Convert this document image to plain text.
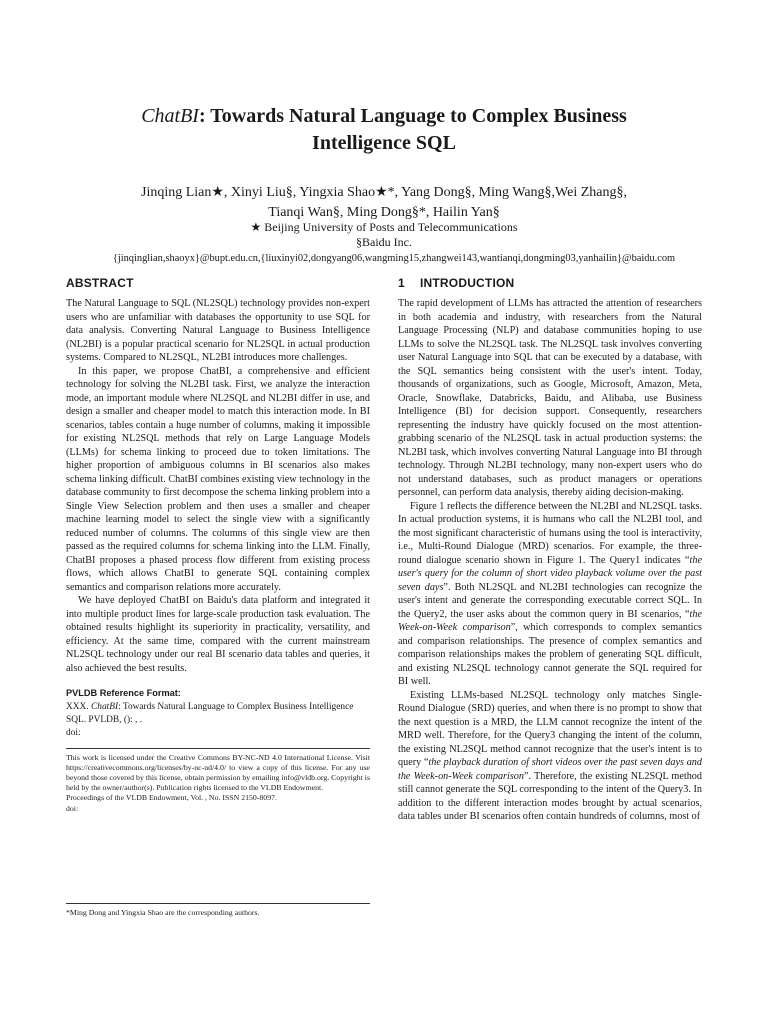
ChatBI: Towards Natural Language to Complex Business
Intelligence SQL
Jinqing Lian★, Xinyi Liu§, Yingxia Shao★*, Yang Dong§, Ming Wang§,Wei Zhang§,
Tianqi Wan§, Ming Dong§*, Hailin Yan§
★ Beijing University of Posts and Telecommunications
§Baidu Inc.
{jinqinglian,shaoyx}@bupt.edu.cn,{liuxinyi02,dongyang06,wangming15,zhangwei143,wantianqi,dongming03,yanhailin}@baidu.com
ABSTRACT

The Natural Language to SQL (NL2SQL) technology provides non-expert users who are unfamiliar with databases the opportunity to use SQL for data analysis. Converting Natural Language to Business Intelligence (NL2BI) is a popular practical scenario for NL2SQL in actual production systems. Compared to NL2SQL, NL2BI introduces more challenges.

In this paper, we propose ChatBI, a comprehensive and efficient technology for solving the NL2BI task. First, we analyze the interaction mode, an important module where NL2SQL and NL2BI differ in use, and design a smaller and cheaper model to match this interaction mode. In BI scenarios, tables contain a huge number of columns, making it impossible for existing NL2SQL methods that rely on Large Language Models (LLMs) for schema linking to proceed due to token limitations. The higher proportion of ambiguous columns in BI scenarios also makes schema linking difficult. ChatBI combines existing view technology in the database community to first decompose the schema linking problem into a Single View Selection problem and then uses a smaller and cheaper machine learning model to select the single view with a significantly reduced number of columns. The columns of this single view are then passed as the required columns for schema linking into the LLM. Finally, ChatBI proposes a phased process flow different from existing process flows, which allows ChatBI to generate SQL containing complex semantics and comparison relations more accurately.

We have deployed ChatBI on Baidu's data platform and integrated it into multiple product lines for large-scale production task evaluation. The obtained results highlight its superiority in practicality, versatility, and efficiency. At the same time, compared with the current mainstream NL2SQL technology under our real BI scenario data tables and queries, it also achieved the best results.

PVLDB Reference Format:
XXX. ChatBI: Towards Natural Language to Complex Business Intelligence SQL. PVLDB, (): , .
doi:
This work is licensed under the Creative Commons BY-NC-ND 4.0 International License. Visit https://creativecommons.org/licenses/by-nc-nd/4.0/ to view a copy of this license. For any use beyond those covered by this license, obtain permission by emailing info@vldb.org. Copyright is held by the owner/author(s). Publication rights licensed to the VLDB Endowment.
Proceedings of the VLDB Endowment, Vol. , No. ISSN 2150-8097.
doi:
*Ming Dong and Yingxia Shao are the corresponding authors.
1 INTRODUCTION

The rapid development of LLMs has attracted the attention of researchers in both academia and industry, with researchers from the Natural Language Processing (NLP) and database communities hoping to use LLMs to solve the NL2SQL task. The NL2SQL task involves converting user Natural Language into SQL that can be executed by a database, with the SQL semantics being consistent with the user's intent. Today, thousands of organizations, such as Google, Microsoft, Amazon, Meta, Oracle, Snowflake, Databricks, Baidu, and Alibaba, use Business Intelligence (BI) for decision support. Consequently, researchers representing the industry have quickly focused on the most attention-grabbing scenario of the NL2SQL task in actual production systems: the NL2BI task, which involves converting Natural Language into BI through technology. Through NL2BI technology, many non-expert users who do not understand databases, such as product managers or operations personnel, can perform data analysis, thereby aiding decision-making.

Figure 1 reflects the difference between the NL2BI and NL2SQL tasks. In actual production systems, it is humans who call the NL2BI tool, and the most significant characteristic of humans using the tool is interactivity, i.e., Multi-Round Dialogue (MRD) scenarios. For example, the three-round dialogue scenario shown in Figure 1. The Query1 indicates “the user's query for the column of short video playback volume over the past seven days”. Both NL2SQL and NL2BI technologies can recognize the user's intent and generate the corresponding executable correct SQL. In the Query2, the user asks about the common query in BI scenarios, “the Week-on-Week comparison”, which corresponds to complex semantics and comparison relationships. The presence of complex semantics and comparison relationships makes the problem of generating SQL difficult, and existing NL2SQL technology cannot generate the SQL required for BI well.

Existing LLMs-based NL2SQL technology only matches Single-Round Dialogue (SRD) queries, and when there is no prompt to show that the next question is a MRD, the LLM cannot recognize the intent of the MRD well. Therefore, for the Query3 changing the intent of the column, the existing NL2SQL method cannot recognize that the user's intent is to query “the playback duration of short videos over the past seven days and the Week-on-Week comparison”. Therefore, the existing NL2SQL method still cannot generate the SQL corresponding to the intent of the Query3. In addition to the different interaction modes brought by actual scenarios, data tables under BI scenarios often contain hundreds of columns, most of
